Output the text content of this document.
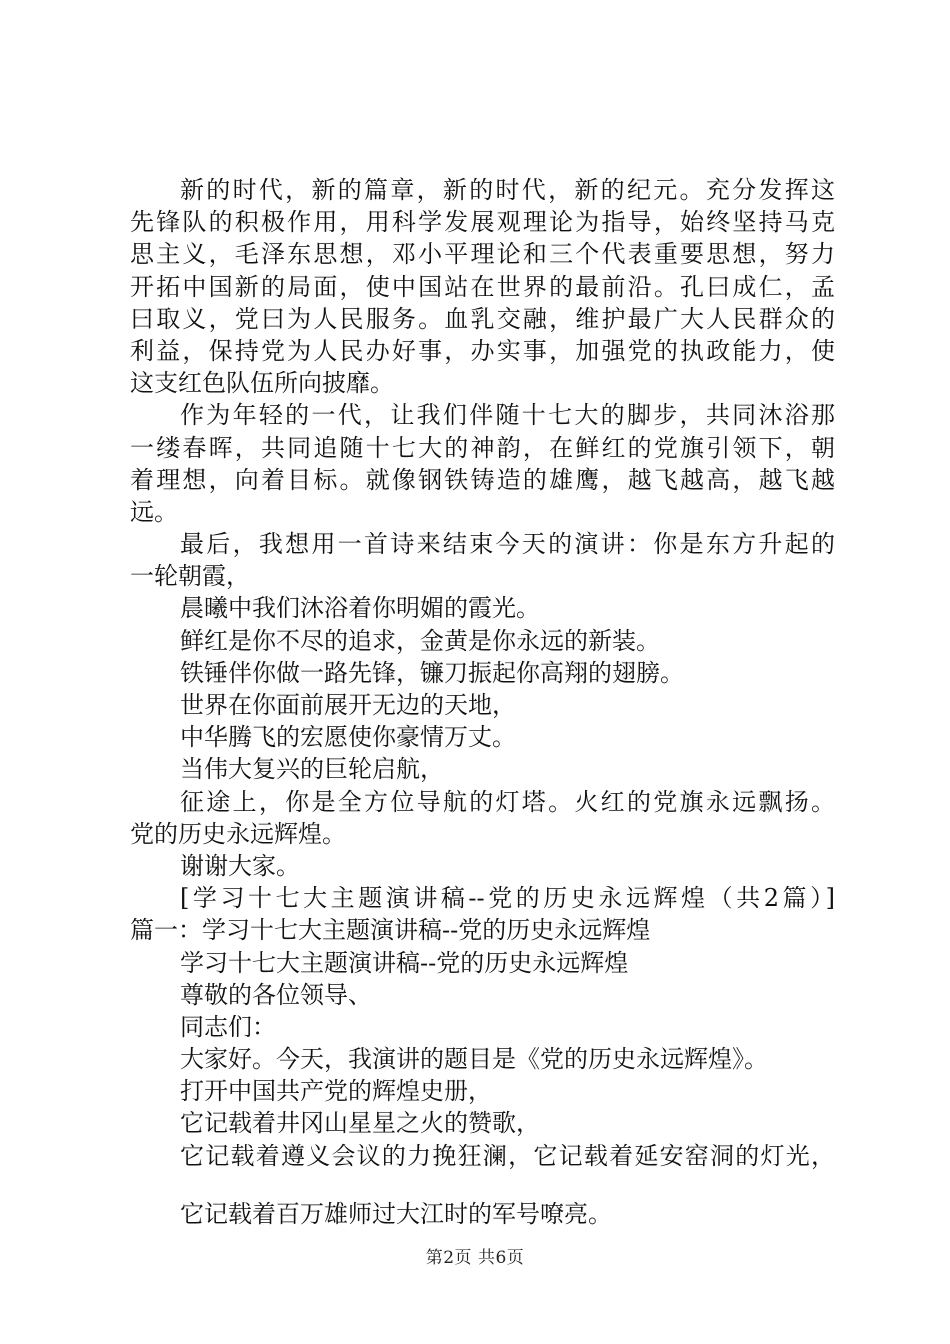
新的时代，新的篇章，新的时代，新的纪元。充分发挥这
先锋队的积极作用，用科学发展观理论为指导，始终坚持马克
思主义，毛泽东思想，邓小平理论和三个代表重要思想，努力
开拓中国新的局面，使中国站在世界的最前沿。孔曰成仁，孟
曰取义，党曰为人民服务。血乳交融，维护最广大人民群众的
利益，保持党为人民办好事，办实事，加强党的执政能力，使
这支红色队伍所向披靡。
作为年轻的一代，让我们伴随十七大的脚步，共同沐浴那
一缕春晖，共同追随十七大的神韵，在鲜红的党旗引领下，朝
着理想，向着目标。就像钢铁铸造的雄鹰，越飞越高，越飞越
远。
最后，我想用一首诗来结束今天的演讲：你是东方升起的
一轮朝霞，
晨曦中我们沐浴着你明媚的霞光。
鲜红是你不尽的追求，金黄是你永远的新装。
铁锤伴你做一路先锋，镰刀振起你高翔的翅膀。
世界在你面前展开无边的天地，
中华腾飞的宏愿使你豪情万丈。
当伟大复兴的巨轮启航，
征途上，你是全方位导航的灯塔。火红的党旗永远飘扬。
党的历史永远辉煌。
谢谢大家。
[学习十七大主题演讲稿--党的历史永远辉煌（共2篇）]
篇一：学习十七大主题演讲稿--党的历史永远辉煌
学习十七大主题演讲稿--党的历史永远辉煌
尊敬的各位领导、
同志们：
大家好。今天，我演讲的题目是《党的历史永远辉煌》。
打开中国共产党的辉煌史册，
它记载着井冈山星星之火的赞歌，
它记载着遵义会议的力挽狂澜，它记载着延安窑洞的灯光，
它记载着百万雄师过大江时的军号嘹亮。
第2页 共6页
